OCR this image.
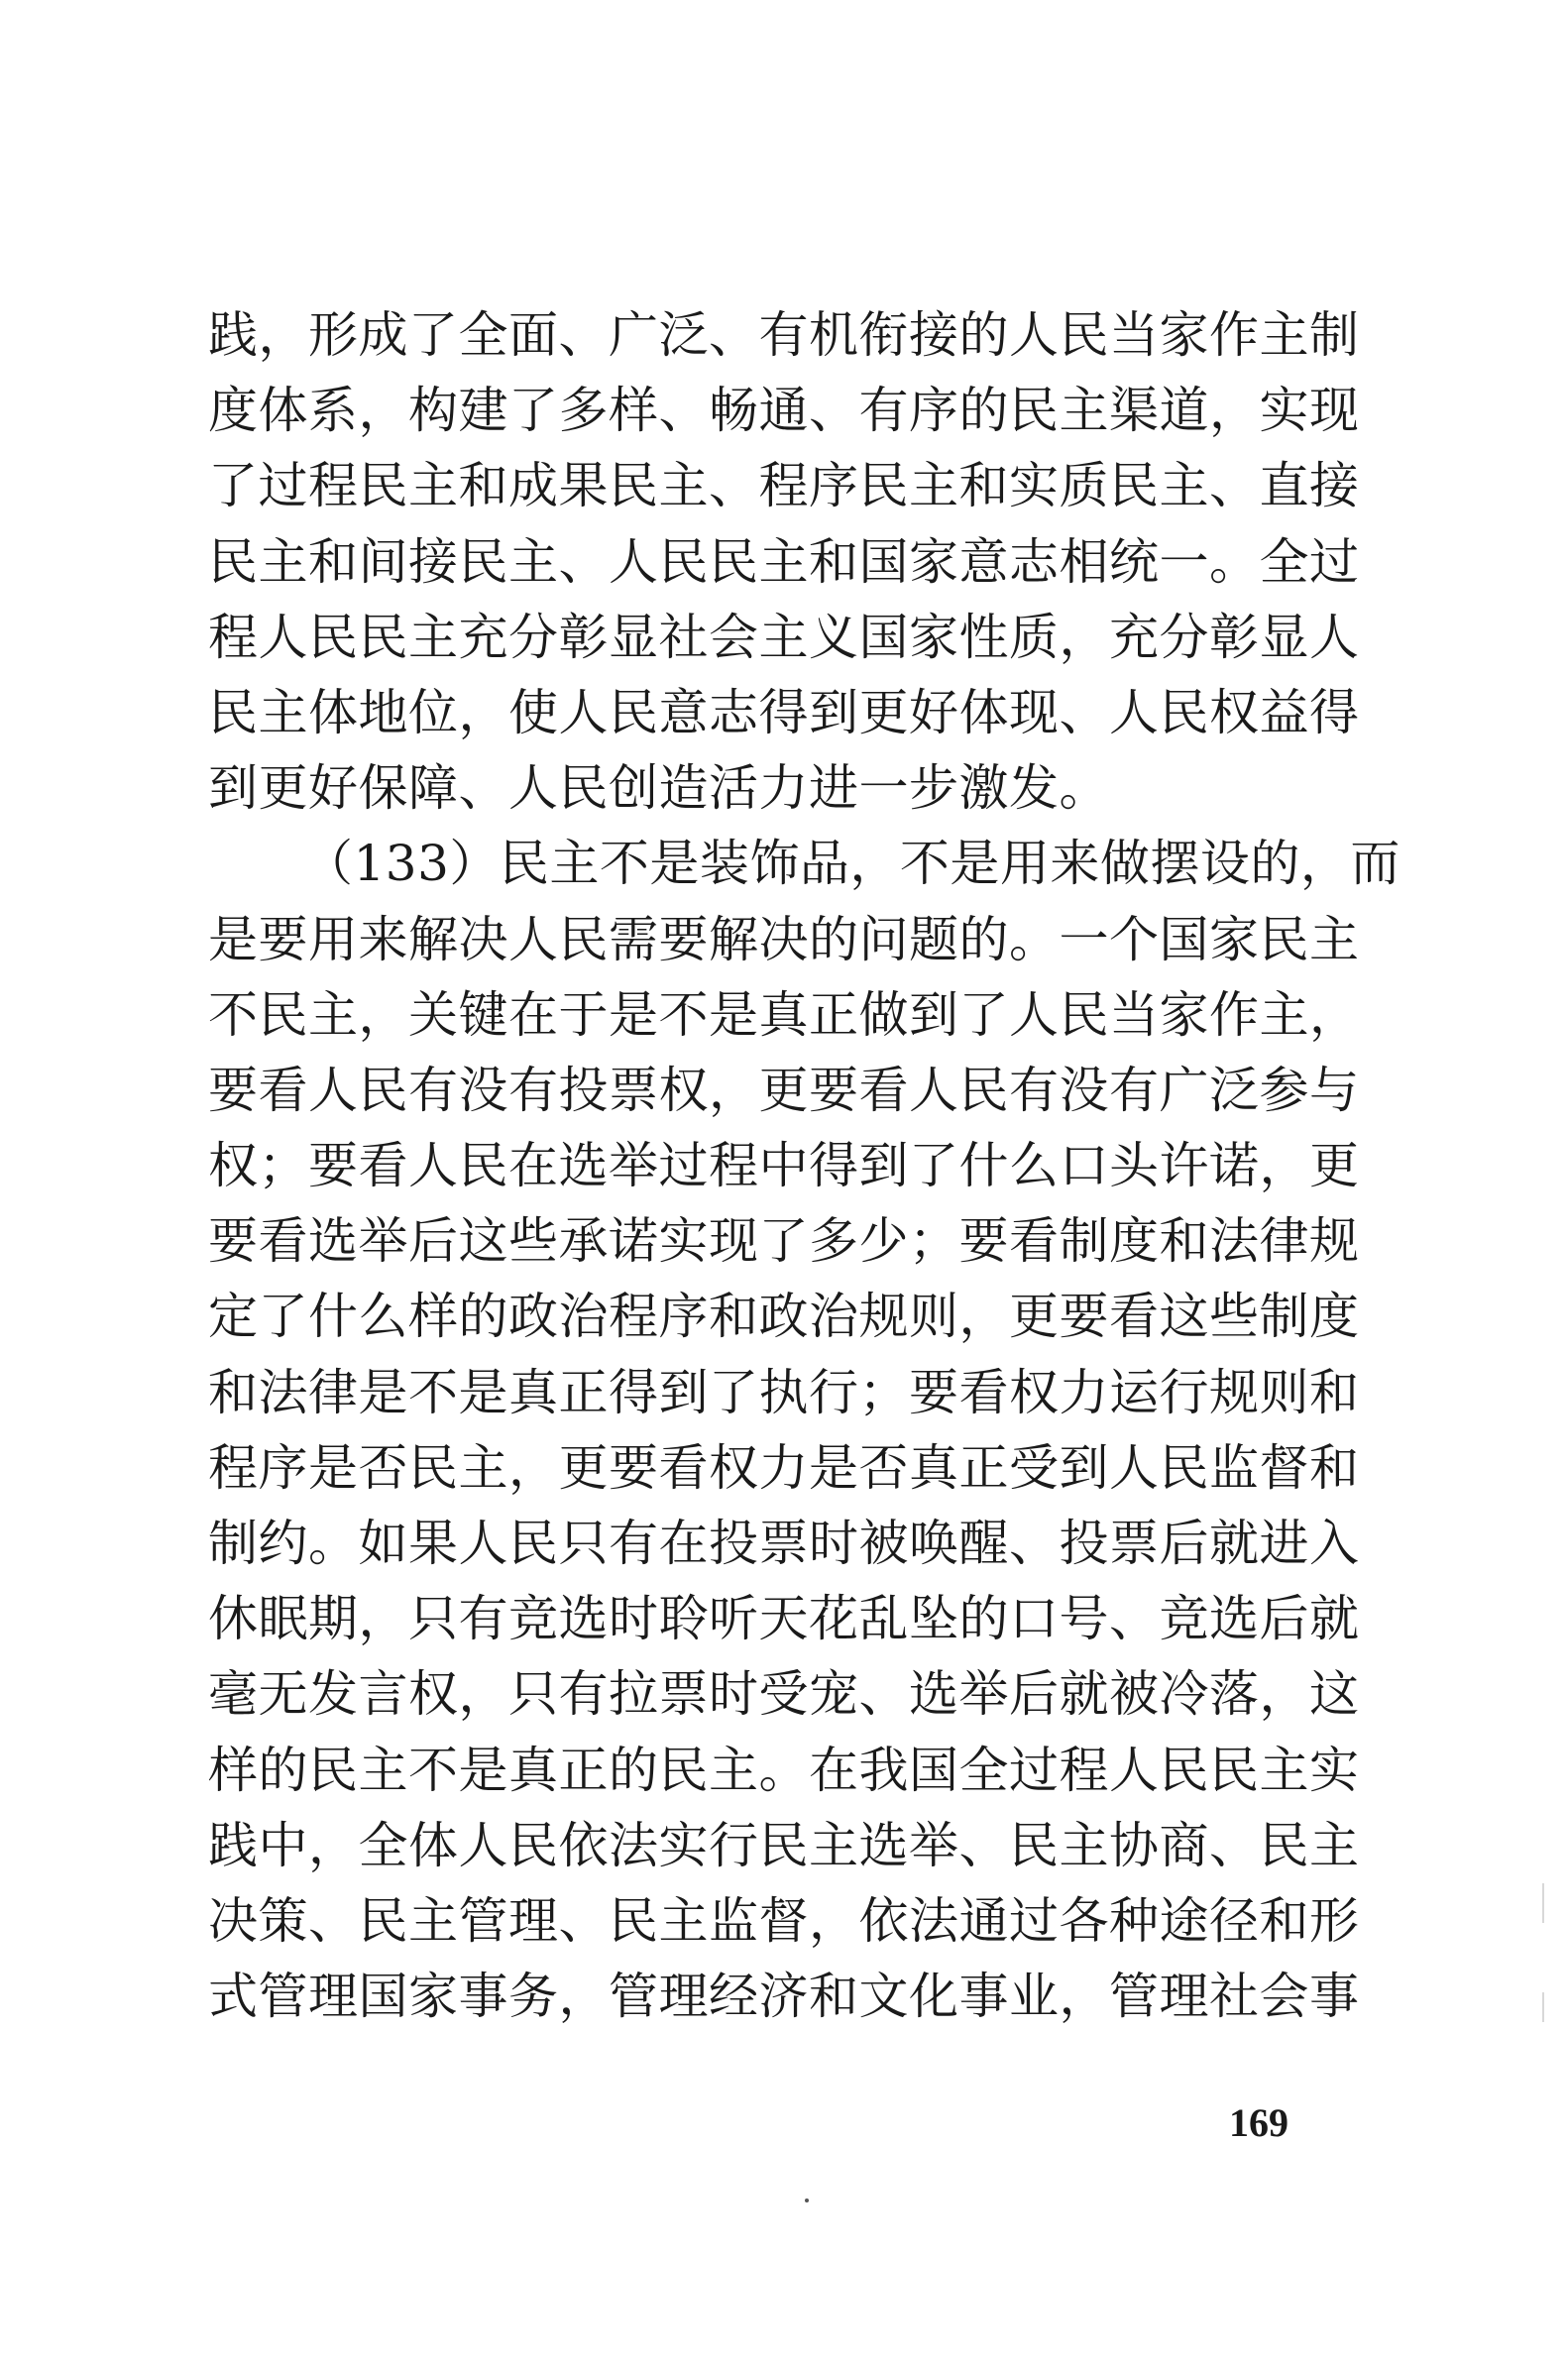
践，形成了全面、广泛、有机衔接的人民当家作主制
度体系，构建了多样、畅通、有序的民主渠道，实现
了过程民主和成果民主、程序民主和实质民主、直接
民主和间接民主、人民民主和国家意志相统一。全过
程人民民主充分彰显社会主义国家性质，充分彰显人
民主体地位，使人民意志得到更好体现、人民权益得
到更好保障、人民创造活力进一步激发。
（133）民主不是装饰品，不是用来做摆设的，而
是要用来解决人民需要解决的问题的。一个国家民主
不民主，关键在于是不是真正做到了人民当家作主，
要看人民有没有投票权，更要看人民有没有广泛参与
权；要看人民在选举过程中得到了什么口头许诺，更
要看选举后这些承诺实现了多少；要看制度和法律规
定了什么样的政治程序和政治规则，更要看这些制度
和法律是不是真正得到了执行；要看权力运行规则和
程序是否民主，更要看权力是否真正受到人民监督和
制约。如果人民只有在投票时被唤醒、投票后就进入
休眠期，只有竞选时聆听天花乱坠的口号、竞选后就
毫无发言权，只有拉票时受宠、选举后就被冷落，这
样的民主不是真正的民主。在我国全过程人民民主实
践中，全体人民依法实行民主选举、民主协商、民主
决策、民主管理、民主监督，依法通过各种途径和形
式管理国家事务，管理经济和文化事业，管理社会事
169
